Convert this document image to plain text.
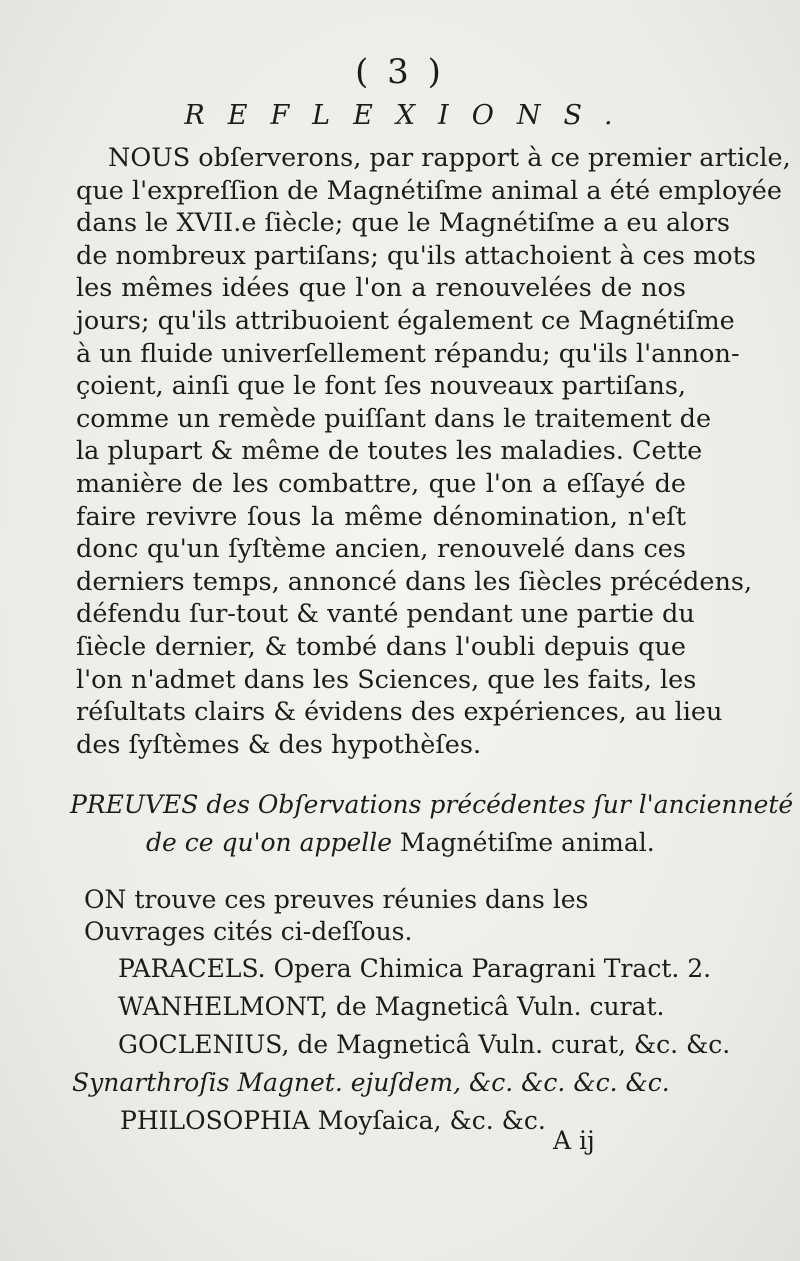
( 3 )
REFLEXIONS.
NOUS obſerverons, par rapport à ce premier article,
que l'expreſſion de Magnétiſme animal a été employée
dans le XVII.e ſiècle; que le Magnétiſme a eu alors
de nombreux partiſans; qu'ils attachoient à ces mots
les mêmes idées que l'on a renouvelées de nos
jours; qu'ils attribuoient également ce Magnétiſme
à un fluide univerſellement répandu; qu'ils l'annon-
çoient, ainſi que le font ſes nouveaux partiſans,
comme un remède puiſſant dans le traitement de
la plupart & même de toutes les maladies. Cette
manière de les combattre, que l'on a eſſayé de
faire revivre ſous la même dénomination, n'eſt
donc qu'un ſyſtème ancien, renouvelé dans ces
derniers temps, annoncé dans les ſiècles précédens,
défendu ſur-tout & vanté pendant une partie du
ſiècle dernier, & tombé dans l'oubli depuis que
l'on n'admet dans les Sciences, que les faits, les
réſultats clairs & évidens des expériences, au lieu
des ſyſtèmes & des hypothèſes.
PREUVES des Obſervations précédentes ſur l'ancienneté
de ce qu'on appelle Magnétiſme animal.
ON trouve ces preuves réunies dans les Ouvrages cités ci-deſſous.
PARACELS. Opera Chimica Paragrani Tract. 2.
WANHELMONT, de Magneticâ Vuln. curat.
GOCLENIUS, de Magneticâ Vuln. curat, &c. &c.
Synarthroſis Magnet. ejuſdem, &c. &c. &c. &c.
PHILOSOPHIA Moyſaica, &c. &c.
A ij
